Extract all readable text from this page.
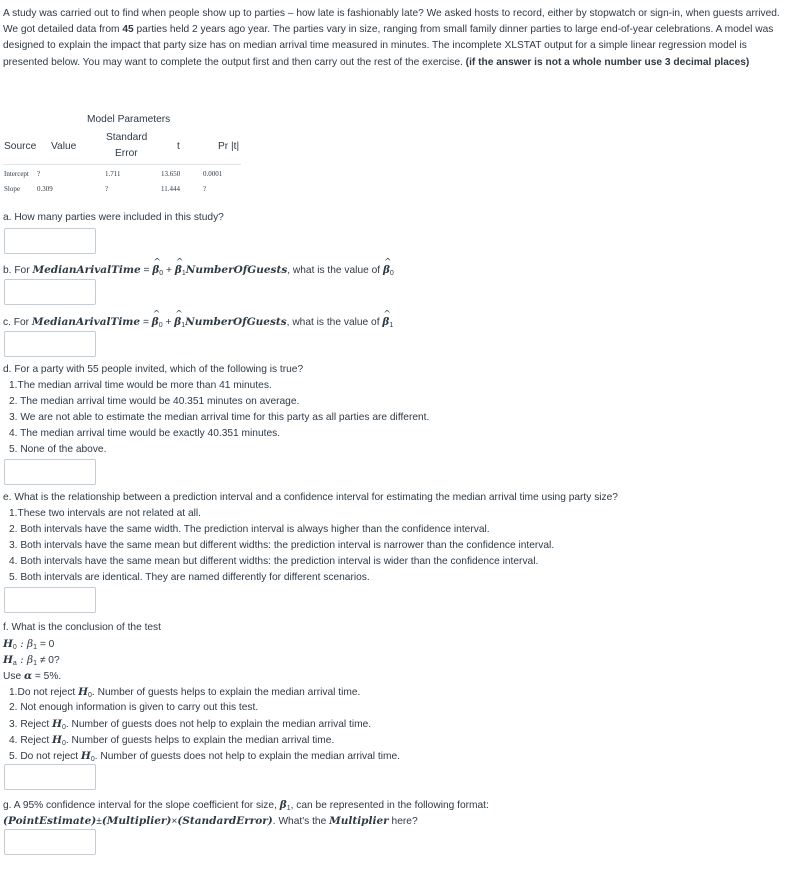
A study was carried out to find when people show up to parties – how late is fashionably late? We asked hosts to record, either by stopwatch or sign-in, when guests arrived. We got detailed data from 45 parties held 2 years ago year. The parties vary in size, ranging from small family dinner parties to large end-of-year celebrations. A model was designed to explain the impact that party size has on median arrival time measured in minutes. The incomplete XLSTAT output for a simple linear regression model is presented below. You may want to complete the output first and then carry out the rest of the exercise. (if the answer is not a whole number use 3 decimal places)

Model Parameters
Standard
Error
Source Value	t	Pr |t|
Intercept ?	1.711	13.650	0.0001
Slope 0.309	?	11.444	?
a. How many parties were included in this study?
b. For MedianArivalTime = ^ $\beta_0$ + ^ $\beta_1NumberOfGuests$, what is the value of ^ $\beta_0$
c. For MedianArivalTime = ^ $\beta_0$ + ^ $\beta_1NumberOfGuests$, what is the value of ^ $\beta_1$
d. For a party with 55 people invited, which of the following is true?
1.The median arrival time would be more than 41 minutes.
2. The median arrival time would be 40.351 minutes on average.
3. We are not able to estimate the median arrival time for this party as all parties are different.
4. The median arrival time would be exactly 40.351 minutes.
5. None of the above.
e. What is the relationship between a prediction interval and a confidence interval for estimating the median arrival time using party size?
1.These two intervals are not related at all.
2. Both intervals have the same width. The prediction interval is always higher than the confidence interval.
3. Both intervals have the same mean but different widths: the prediction interval is narrower than the confidence interval.
4. Both intervals have the same mean but different widths: the prediction interval is wider than the confidence interval.
5. Both intervals are identical. They are named differently for different scenarios.
f. What is the conclusion of the test
$H_0$ : $\beta_1 = 0$
$H_a$ : $\beta_1 \ne 0$?
Use α = 5%.
1.Do not reject $H_0$. Number of guests helps to explain the median arrival time.
2. Not enough information is given to carry out this test.
3. Reject $H_0$. Number of guests does not help to explain the median arrival time.
4. Reject $H_0$. Number of guests helps to explain the median arrival time.
5. Do not reject $H_0$. Number of guests does not help to explain the median arrival time.
g. A 95% confidence interval for the slope coefficient for size, $\beta_1$, can be represented in the following format:
(PointEstimate)±(Multiplier)×(StandardError). What's the Multiplier here?
